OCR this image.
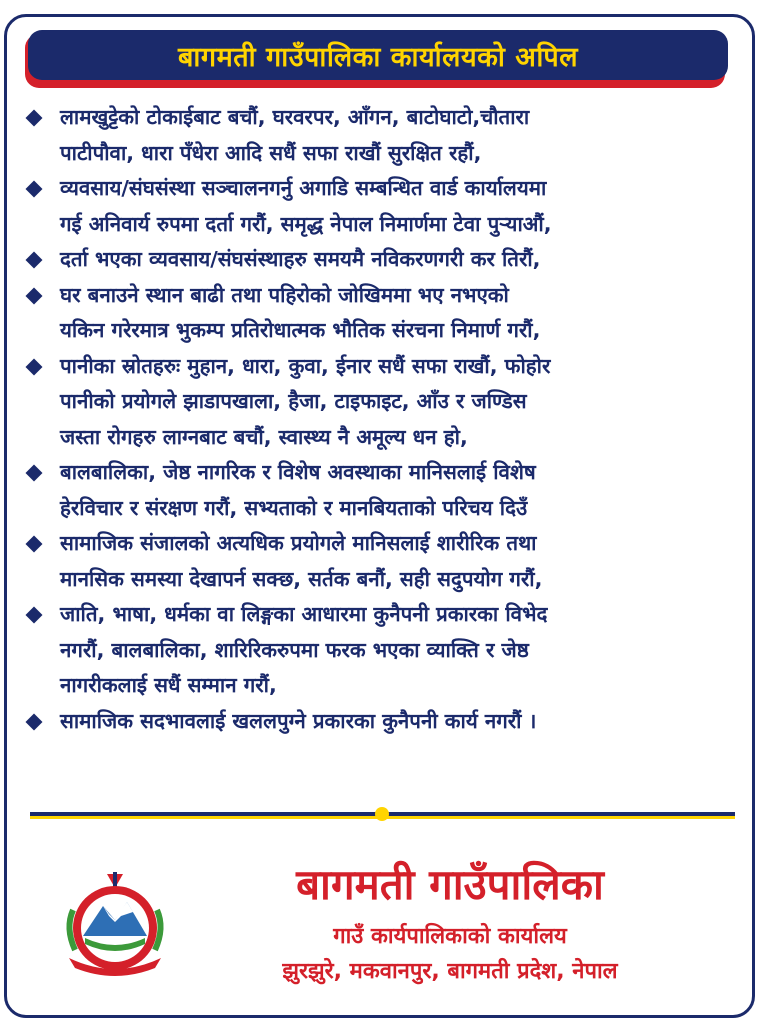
बागमती गाउँपालिका कार्यालयको अपिल
लामखुट्टेको टोकाईबाट बचौं, घरवरपर, आँगन, बाटोघाटो,चौतारा
पाटीपौवा, धारा पँधेरा आदि सधैं सफा राखौं सुरक्षित रहौं,
व्यवसाय/संघसंस्था सञ्चालनगर्नु अगाडि सम्बन्धित वार्ड कार्यालयमा
गई अनिवार्य रुपमा दर्ता गरौं, समृद्ध नेपाल निमार्णमा टेवा पुर्‍याऔं,
दर्ता भएका व्यवसाय/संघसंस्थाहरु समयमै नविकरणगरी कर तिरौं,
घर बनाउने स्थान बाढी तथा पहिरोको जोखिममा भए नभएको
यकिन गरेरमात्र भुकम्प प्रतिरोधात्मक भौतिक संरचना निमार्ण गरौं,
पानीका स्रोतहरुः मुहान, धारा, कुवा, ईनार सधैं सफा राखौं, फोहोर
पानीको प्रयोगले झाडापखाला, हैजा, टाइफाइट, आँउ र जण्डिस
जस्ता रोगहरु लाग्नबाट बचौं, स्वास्थ्य नै अमूल्य धन हो,
बालबालिका, जेष्ठ नागरिक र विशेष अवस्थाका मानिसलाई विशेष
हेरविचार र संरक्षण गरौं, सभ्यताको र मानबियताको परिचय दिउँ
सामाजिक संजालको अत्यधिक प्रयोगले मानिसलाई शारीरिक तथा
मानसिक समस्या देखापर्न सक्छ, सर्तक बनौं, सही सदुपयोग गरौं,
जाति, भाषा, धर्मका वा लिङ्गका आधारमा कुनैपनी प्रकारका विभेद
नगरौं, बालबालिका, शारिरिकरुपमा फरक भएका व्याक्ति र जेष्ठ
नागरीकलाई सधैं सम्मान गरौं,
सामाजिक सदभावलाई खललपुग्ने प्रकारका कुनैपनी कार्य नगरौं ।
बागमती गाउँपालिका
गाउँ कार्यपालिकाको कार्यालय
झुरझुरे, मकवानपुर, बागमती प्रदेश, नेपाल
